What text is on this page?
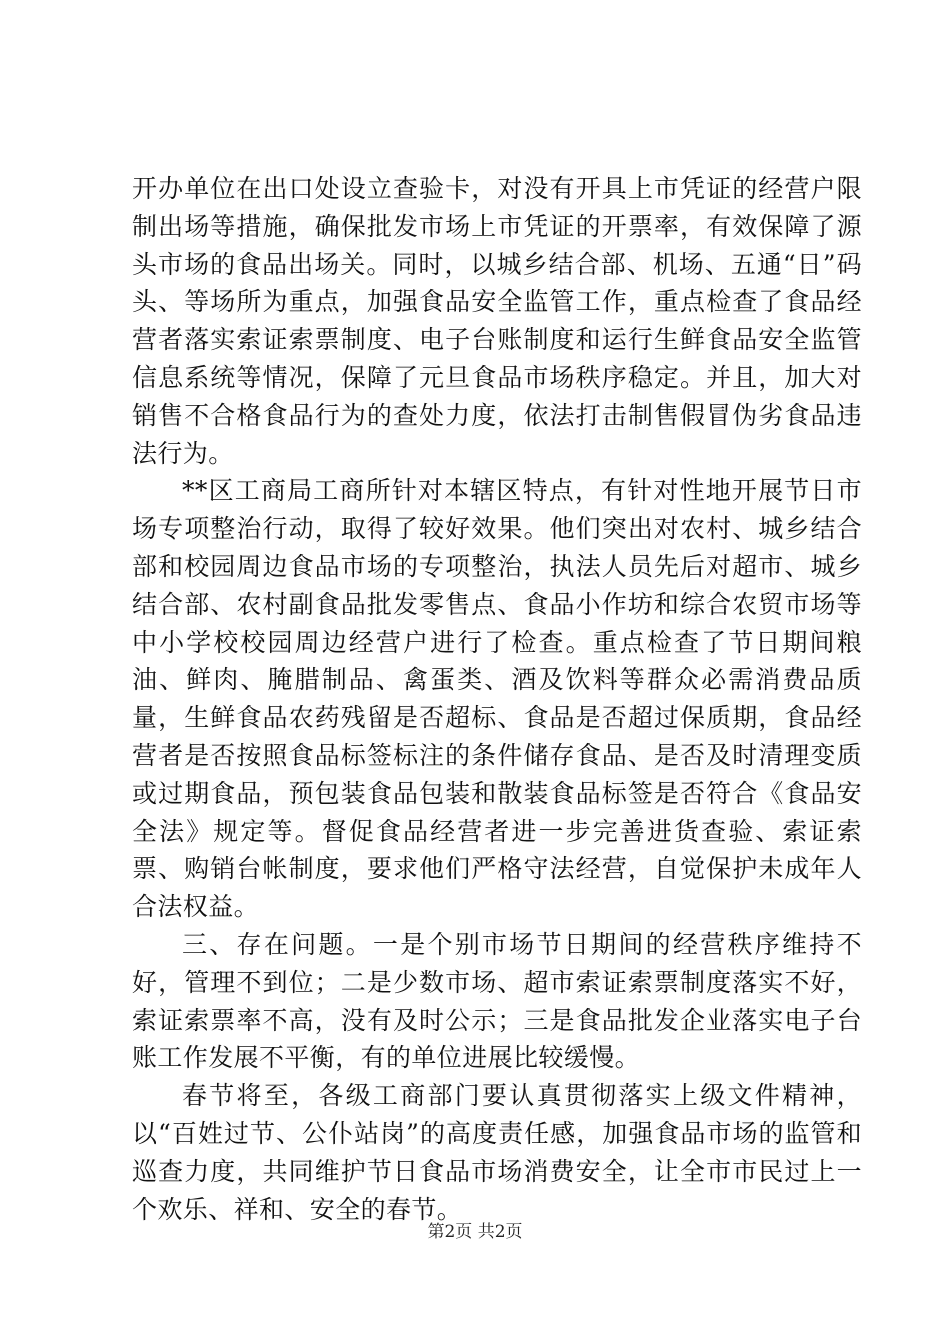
开办单位在出口处设立查验卡，对没有开具上市凭证的经营户限制出场等措施，确保批发市场上市凭证的开票率，有效保障了源头市场的食品出场关。同时，以城乡结合部、机场、五通“日”码头、等场所为重点，加强食品安全监管工作，重点检查了食品经营者落实索证索票制度、电子台账制度和运行生鲜食品安全监管信息系统等情况，保障了元旦食品市场秩序稳定。并且，加大对销售不合格食品行为的查处力度，依法打击制售假冒伪劣食品违法行为。

**区工商局工商所针对本辖区特点，有针对性地开展节日市场专项整治行动，取得了较好效果。他们突出对农村、城乡结合部和校园周边食品市场的专项整治，执法人员先后对超市、城乡结合部、农村副食品批发零售点、食品小作坊和综合农贸市场等中小学校校园周边经营户进行了检查。重点检查了节日期间粮油、鲜肉、腌腊制品、禽蛋类、酒及饮料等群众必需消费品质量，生鲜食品农药残留是否超标、食品是否超过保质期，食品经营者是否按照食品标签标注的条件储存食品、是否及时清理变质或过期食品，预包装食品包装和散装食品标签是否符合《食品安全法》规定等。督促食品经营者进一步完善进货查验、索证索票、购销台帐制度，要求他们严格守法经营，自觉保护未成年人合法权益。

三、存在问题。一是个别市场节日期间的经营秩序维持不好，管理不到位；二是少数市场、超市索证索票制度落实不好，索证索票率不高，没有及时公示；三是食品批发企业落实电子台账工作发展不平衡，有的单位进展比较缓慢。

春节将至，各级工商部门要认真贯彻落实上级文件精神，以“百姓过节、公仆站岗”的高度责任感，加强食品市场的监管和巡查力度，共同维护节日食品市场消费安全，让全市市民过上一个欢乐、祥和、安全的春节。

第2页 共2页
